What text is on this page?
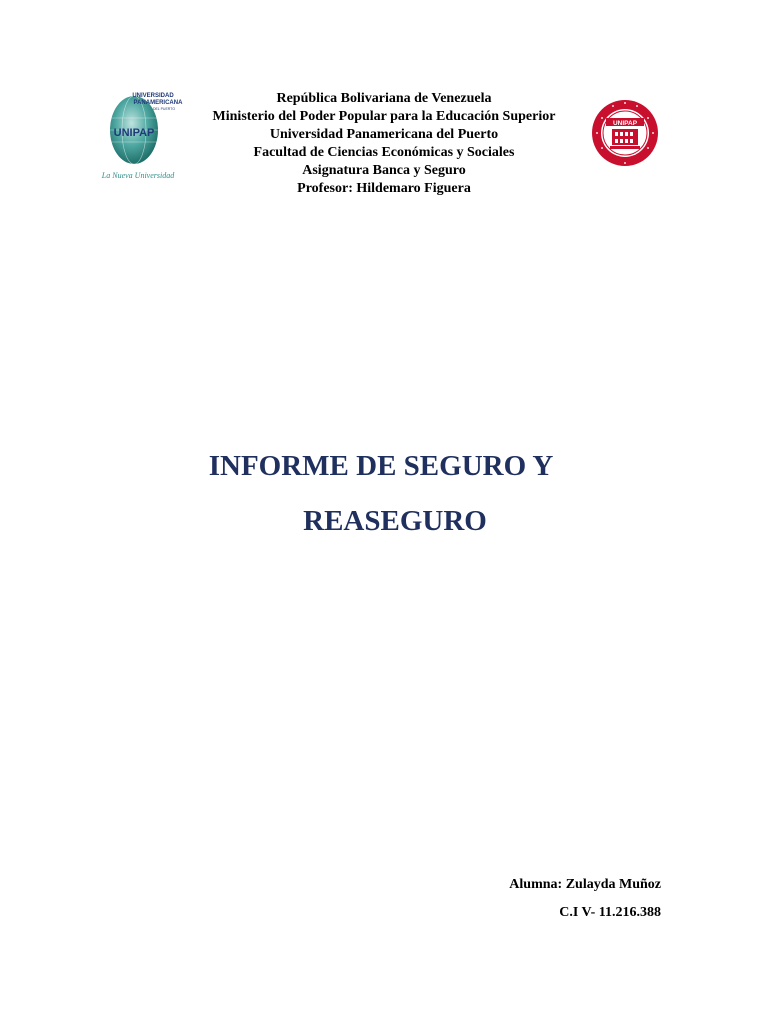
UNIVERSIDAD
PANAMERICANA
DEL PUERTO
UNIPAP
La Nueva Universidad
República Bolivariana de Venezuela
Ministerio del Poder Popular para la Educación Superior
Universidad Panamericana del Puerto
Facultad de Ciencias Económicas y Sociales
Asignatura Banca y Seguro
Profesor: Hildemaro Figuera
UNIPAP
INFORME DE SEGURO Y
REASEGURO
Alumna: Zulayda Muñoz
C.I V- 11.216.388
